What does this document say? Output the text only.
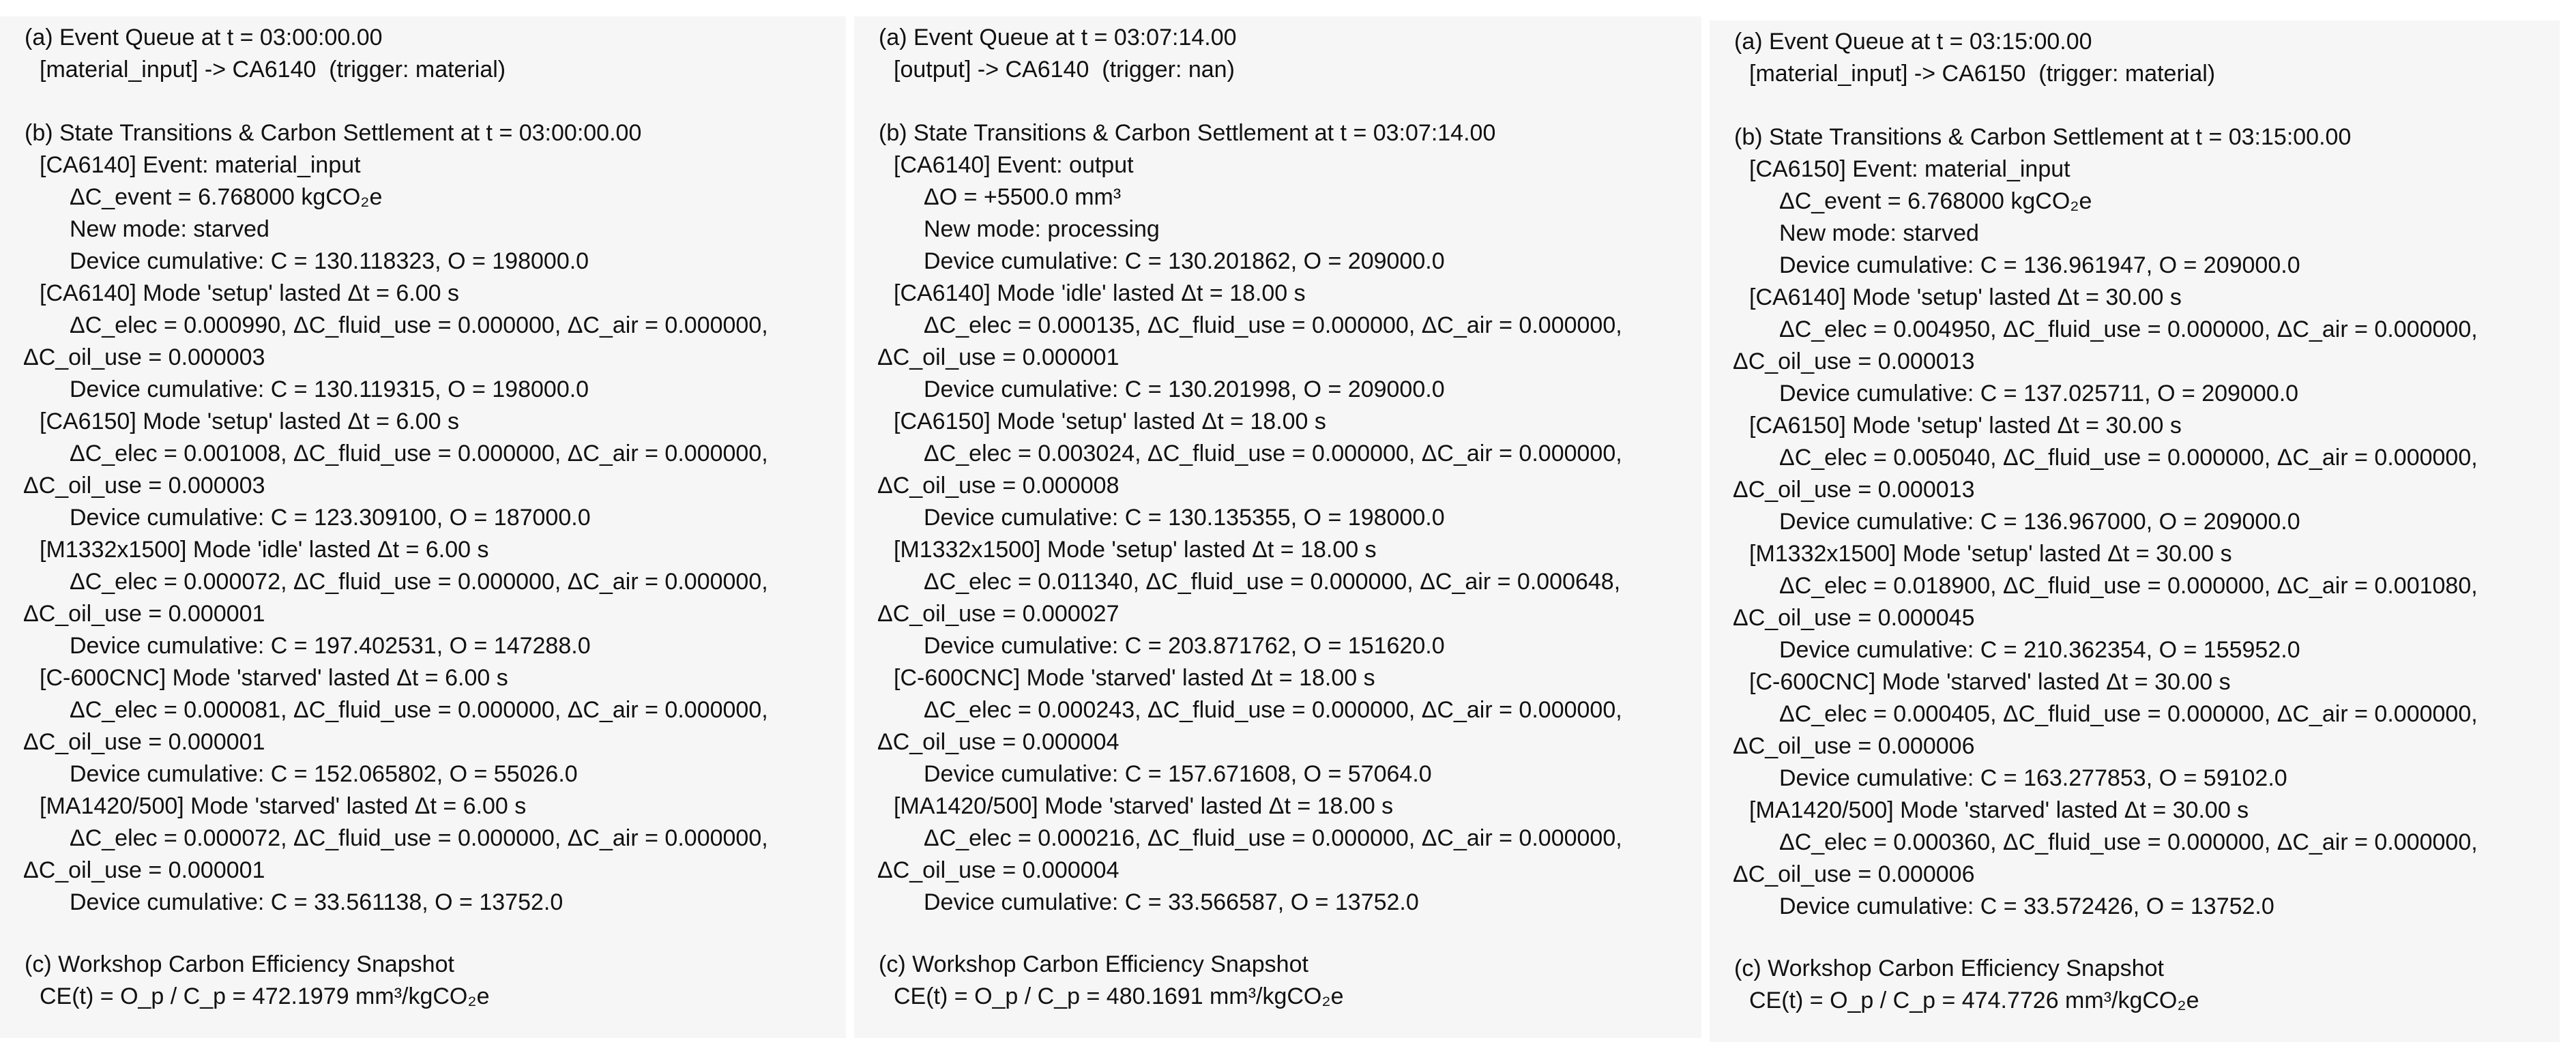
(a) Event Queue at t = 03:00:00.00

[material_input] -> CA6140  (trigger: material)

(b) State Transitions & Carbon Settlement at t = 03:00:00.00

[CA6140] Event: material_input

ΔC_event = 6.768000 kgCO₂e

New mode: starved

Device cumulative: C = 130.118323, O = 198000.0

[CA6140] Mode 'setup' lasted Δt = 6.00 s

ΔC_elec = 0.000990, ΔC_fluid_use = 0.000000, ΔC_air = 0.000000,

ΔC_oil_use = 0.000003

Device cumulative: C = 130.119315, O = 198000.0

[CA6150] Mode 'setup' lasted Δt = 6.00 s

ΔC_elec = 0.001008, ΔC_fluid_use = 0.000000, ΔC_air = 0.000000,

ΔC_oil_use = 0.000003

Device cumulative: C = 123.309100, O = 187000.0

[M1332x1500] Mode 'idle' lasted Δt = 6.00 s

ΔC_elec = 0.000072, ΔC_fluid_use = 0.000000, ΔC_air = 0.000000,

ΔC_oil_use = 0.000001

Device cumulative: C = 197.402531, O = 147288.0

[C-600CNC] Mode 'starved' lasted Δt = 6.00 s

ΔC_elec = 0.000081, ΔC_fluid_use = 0.000000, ΔC_air = 0.000000,

ΔC_oil_use = 0.000001

Device cumulative: C = 152.065802, O = 55026.0

[MA1420/500] Mode 'starved' lasted Δt = 6.00 s

ΔC_elec = 0.000072, ΔC_fluid_use = 0.000000, ΔC_air = 0.000000,

ΔC_oil_use = 0.000001

Device cumulative: C = 33.561138, O = 13752.0

(c) Workshop Carbon Efficiency Snapshot

CE(t) = O_p / C_p = 472.1979 mm³/kgCO₂e

(a) Event Queue at t = 03:07:14.00

[output] -> CA6140  (trigger: nan)

(b) State Transitions & Carbon Settlement at t = 03:07:14.00

[CA6140] Event: output

ΔO = +5500.0 mm³

New mode: processing

Device cumulative: C = 130.201862, O = 209000.0

[CA6140] Mode 'idle' lasted Δt = 18.00 s

ΔC_elec = 0.000135, ΔC_fluid_use = 0.000000, ΔC_air = 0.000000,

ΔC_oil_use = 0.000001

Device cumulative: C = 130.201998, O = 209000.0

[CA6150] Mode 'setup' lasted Δt = 18.00 s

ΔC_elec = 0.003024, ΔC_fluid_use = 0.000000, ΔC_air = 0.000000,

ΔC_oil_use = 0.000008

Device cumulative: C = 130.135355, O = 198000.0

[M1332x1500] Mode 'setup' lasted Δt = 18.00 s

ΔC_elec = 0.011340, ΔC_fluid_use = 0.000000, ΔC_air = 0.000648,

ΔC_oil_use = 0.000027

Device cumulative: C = 203.871762, O = 151620.0

[C-600CNC] Mode 'starved' lasted Δt = 18.00 s

ΔC_elec = 0.000243, ΔC_fluid_use = 0.000000, ΔC_air = 0.000000,

ΔC_oil_use = 0.000004

Device cumulative: C = 157.671608, O = 57064.0

[MA1420/500] Mode 'starved' lasted Δt = 18.00 s

ΔC_elec = 0.000216, ΔC_fluid_use = 0.000000, ΔC_air = 0.000000,

ΔC_oil_use = 0.000004

Device cumulative: C = 33.566587, O = 13752.0

(c) Workshop Carbon Efficiency Snapshot

CE(t) = O_p / C_p = 480.1691 mm³/kgCO₂e

(a) Event Queue at t = 03:15:00.00

[material_input] -> CA6150  (trigger: material)

(b) State Transitions & Carbon Settlement at t = 03:15:00.00

[CA6150] Event: material_input

ΔC_event = 6.768000 kgCO₂e

New mode: starved

Device cumulative: C = 136.961947, O = 209000.0

[CA6140] Mode 'setup' lasted Δt = 30.00 s

ΔC_elec = 0.004950, ΔC_fluid_use = 0.000000, ΔC_air = 0.000000,

ΔC_oil_use = 0.000013

Device cumulative: C = 137.025711, O = 209000.0

[CA6150] Mode 'setup' lasted Δt = 30.00 s

ΔC_elec = 0.005040, ΔC_fluid_use = 0.000000, ΔC_air = 0.000000,

ΔC_oil_use = 0.000013

Device cumulative: C = 136.967000, O = 209000.0

[M1332x1500] Mode 'setup' lasted Δt = 30.00 s

ΔC_elec = 0.018900, ΔC_fluid_use = 0.000000, ΔC_air = 0.001080,

ΔC_oil_use = 0.000045

Device cumulative: C = 210.362354, O = 155952.0

[C-600CNC] Mode 'starved' lasted Δt = 30.00 s

ΔC_elec = 0.000405, ΔC_fluid_use = 0.000000, ΔC_air = 0.000000,

ΔC_oil_use = 0.000006

Device cumulative: C = 163.277853, O = 59102.0

[MA1420/500] Mode 'starved' lasted Δt = 30.00 s

ΔC_elec = 0.000360, ΔC_fluid_use = 0.000000, ΔC_air = 0.000000,

ΔC_oil_use = 0.000006

Device cumulative: C = 33.572426, O = 13752.0

(c) Workshop Carbon Efficiency Snapshot

CE(t) = O_p / C_p = 474.7726 mm³/kgCO₂e
